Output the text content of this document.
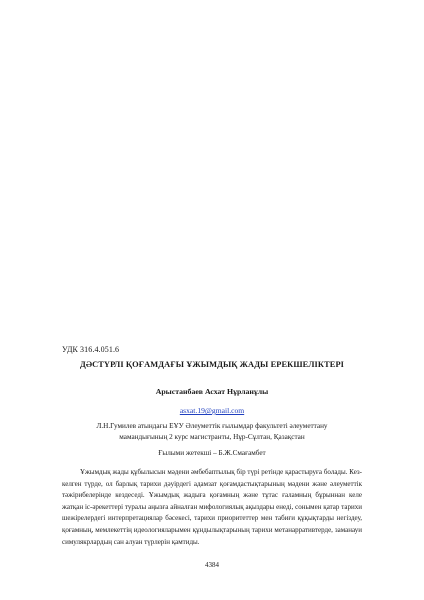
УДК 316.4.051.6
ДӘСТҮРЛІ ҚОҒАМДАҒЫ ҰЖЫМДЫҚ ЖАДЫ ЕРЕКШЕЛІКТЕРІ
Арыстанбаев Асхат Нұрланұлы
asxat.19@gmail.com
Л.Н.Гумилев атындағы ЕҰУ Әлеуметтік ғылымдар факультеті әлеуметтану
мамандығының 2 курс магистранты, Нұр-Сұлтан, Қазақстан
Ғылыми жетекші – Б.Ж.Смағамбет
Ұжымдық жады құбылысын мәдени әмбебаптылық бір түрі ретінде қарастыруға болады. Кез-келген түрде, ол барлық тарихи дәуірдегі адамзат қоғамдастықтарының мәдени және әлеуметтік тәжірибелерінде кездеседі. Ұжымдық жадыға қоғамның және тұтас ғаламның бұрыннан келе жатқан іс-әрекеттері туралы аңызға айналған мифологиялық ақыздары енеді, сонымен қатар тарихи шежірелердегі интерпретациялар бәсекесі, тарихи приоритеттер мен табиғи құқықтарды негіздеу, қоғамның, мемлекеттің идеологияларымен құндылықтарының тарихи метанарративтерде, заманауи симулякрлардың сан алуан түрлерін қамтиды.
4384
